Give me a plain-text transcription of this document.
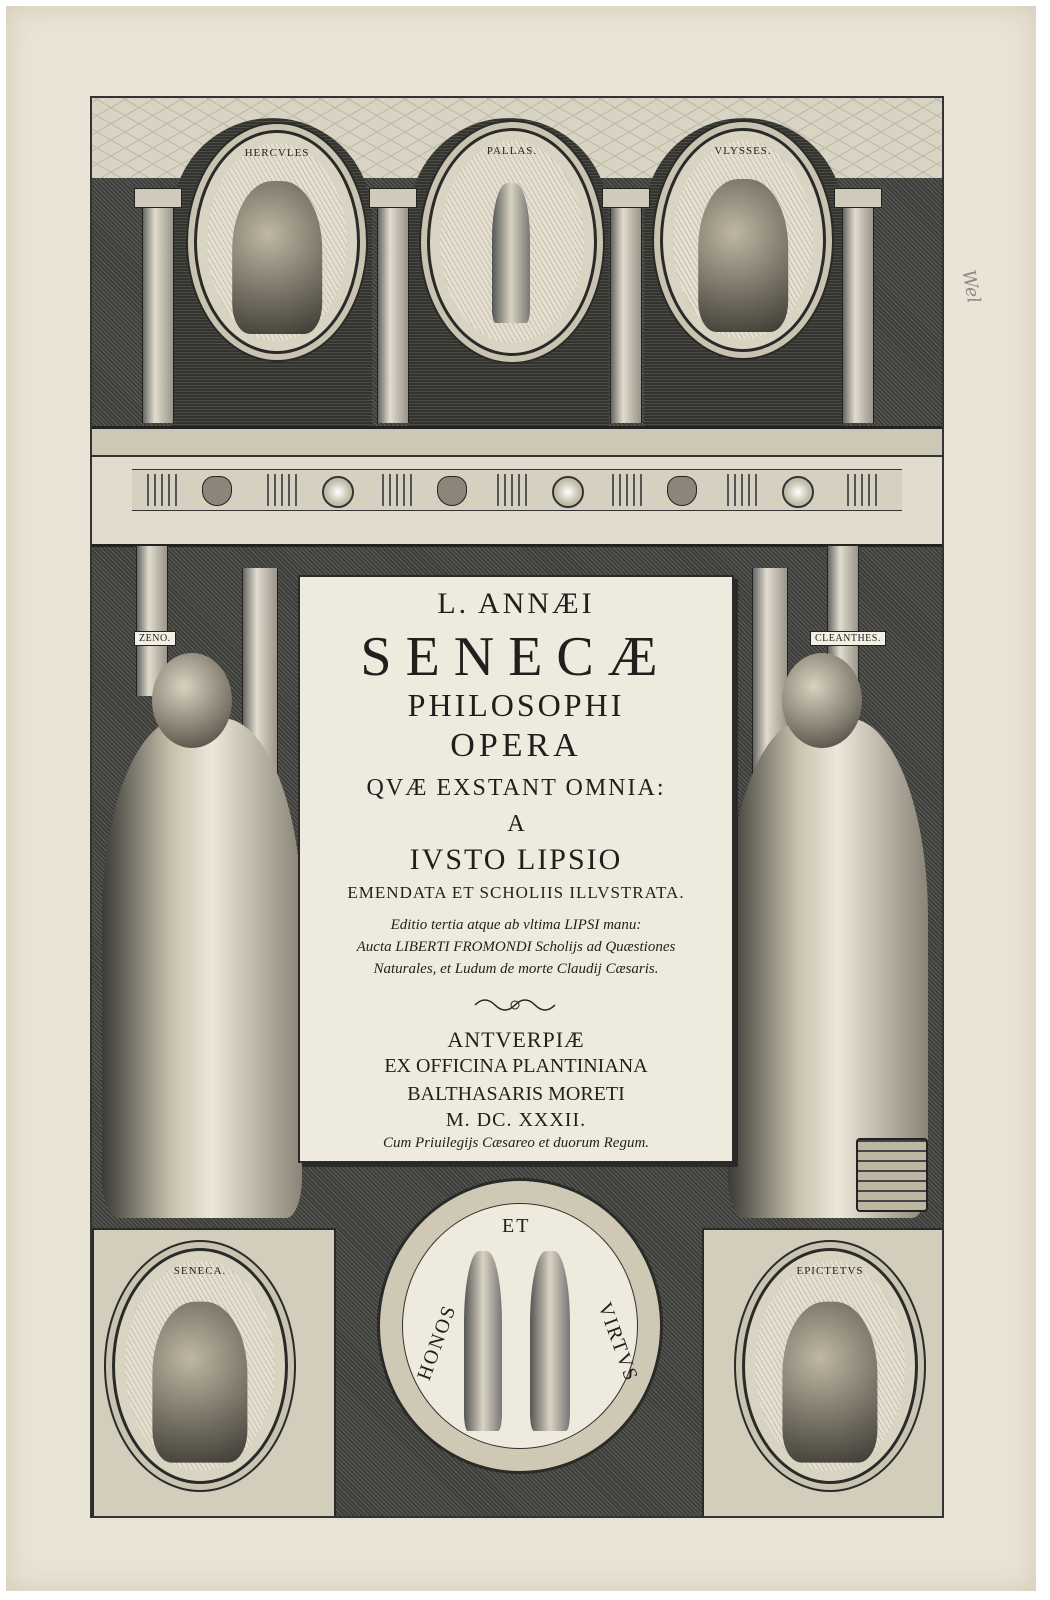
Wel
HERCVLES	PALLAS.	VLYSSES.
ZENO.	CLEANTHES.
L. ANNÆI
SENECÆ
PHILOSOPHI
OPERA
QVÆ EXSTANT OMNIA:
A
IVSTO LIPSIO
EMENDATA ET SCHOLIIS ILLVSTRATA.
Editio tertia atque ab vltima LIPSI manu:
Aucta LIBERTI FROMONDI Scholijs ad Quæstiones
Naturales, et Ludum de morte Claudij Cæsaris.
ANTVERPIÆ
EX OFFICINA PLANTINIANA
BALTHASARIS MORETI
M. DC. XXXII.
Cum Priuilegijs Cæsareo et duorum Regum.
SENECA.	EPICTETVS
ET
HONOS	VIRTVS
